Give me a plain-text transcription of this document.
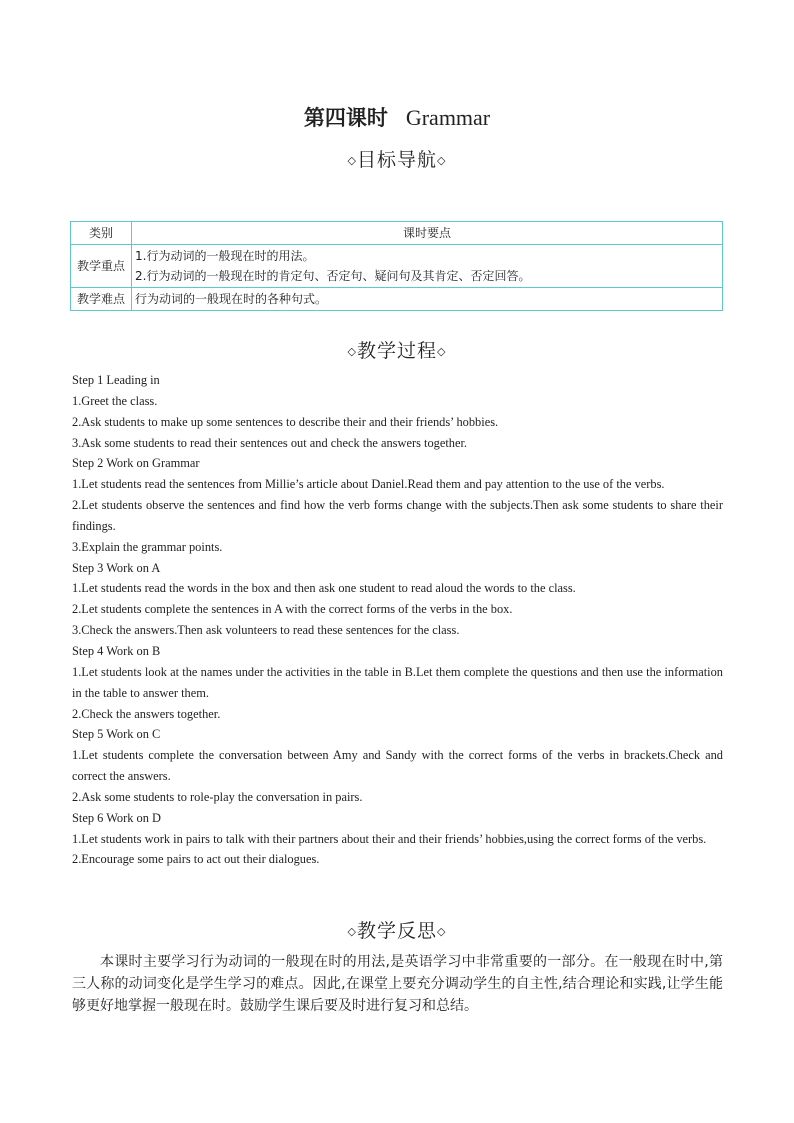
第四课时 Grammar
◇目标导航◇
类别	课时要点
教学重点	1.行为动词的一般现在时的用法。
2.行为动词的一般现在时的肯定句、否定句、疑问句及其肯定、否定回答。

教学难点	行为动词的一般现在时的各种句式。
◇教学过程◇

Step 1 Leading in

1.Greet the class.

2.Ask students to make up some sentences to describe their and their friends’ hobbies.

3.Ask some students to read their sentences out and check the answers together.

Step 2 Work on Grammar

1.Let students read the sentences from Millie’s article about Daniel.Read them and pay attention to the use of the verbs.

2.Let students observe the sentences and find how the verb forms change with the subjects.Then ask some students to share their findings.

3.Explain the grammar points.

Step 3 Work on A

1.Let students read the words in the box and then ask one student to read aloud the words to the class.

2.Let students complete the sentences in A with the correct forms of the verbs in the box.

3.Check the answers.Then ask volunteers to read these sentences for the class.

Step 4 Work on B

1.Let students look at the names under the activities in the table in B.Let them complete the questions and then use the information in the table to answer them.

2.Check the answers together.

Step 5 Work on C

1.Let students complete the conversation between Amy and Sandy with the correct forms of the verbs in brackets.Check and correct the answers.

2.Ask some students to role-play the conversation in pairs.

Step 6 Work on D

1.Let students work in pairs to talk with their partners about their and their friends’ hobbies,using the correct forms of the verbs.

2.Encourage some pairs to act out their dialogues.

◇教学反思◇

本课时主要学习行为动词的一般现在时的用法,是英语学习中非常重要的一部分。在一般现在时中,第三人称的动词变化是学生学习的难点。因此,在课堂上要充分调动学生的自主性,结合理论和实践,让学生能够更好地掌握一般现在时。鼓励学生课后要及时进行复习和总结。
